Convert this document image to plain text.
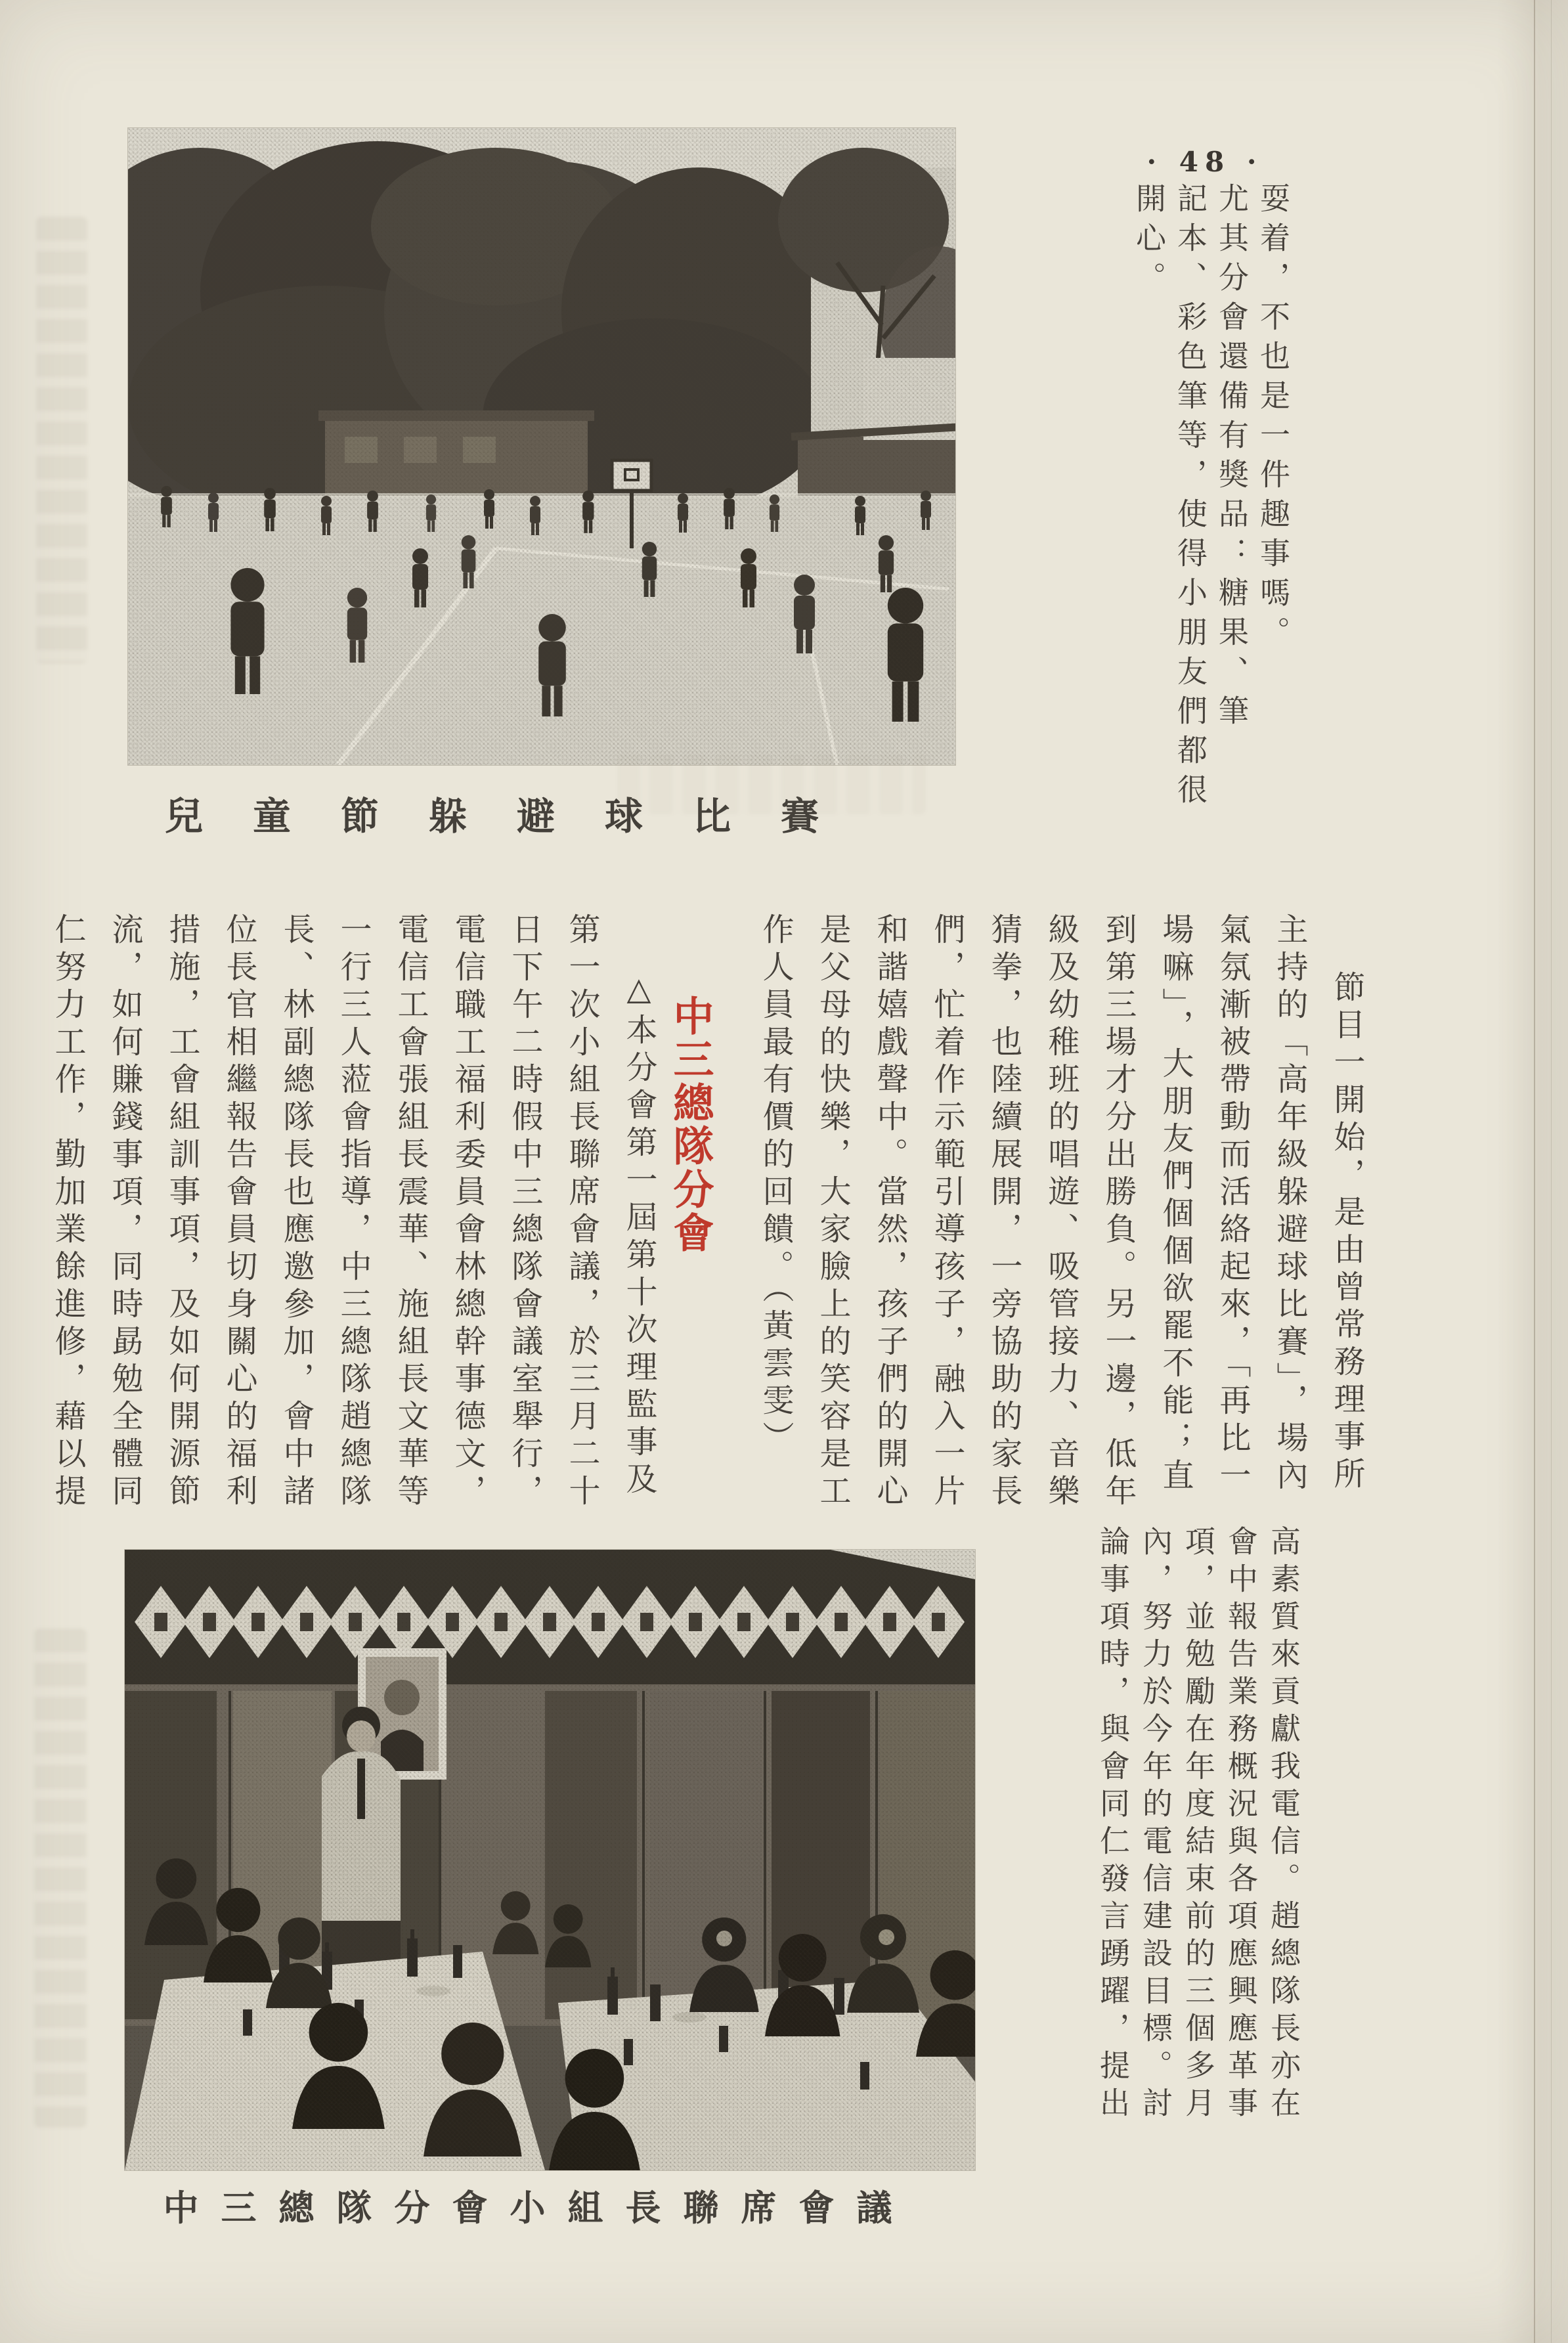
· 48 ·
耍着，不也是一件趣事嗎。
尤其分會還備有獎品：糖果、筆
記本、彩色筆等，使得小朋友們都很
開心。
兒童節躲避球比賽
節目一開始，是由曾常務理事所
主持的「高年級躲避球比賽」，場內
氣氛漸被帶動而活絡起來，「再比一
場嘛」，大朋友們個個欲罷不能；直
到第三場才分出勝負。另一邊，低年
級及幼稚班的唱遊、吸管接力、音樂
猜拳，也陸續展開，一旁協助的家長
們，忙着作示範引導孩子，融入一片
和諧嬉戲聲中。當然，孩子們的開心
是父母的快樂，大家臉上的笑容是工
作人員最有價的回饋。（黃雲雯）
中三總隊分會
△本分會第一屆第十次理監事及
第一次小組長聯席會議，於三月二十
日下午二時假中三總隊會議室舉行，
電信職工福利委員會林總幹事德文，
電信工會張組長震華、施組長文華等
一行三人蒞會指導，中三總隊趙總隊
長、林副總隊長也應邀參加，會中諸
位長官相繼報告會員切身關心的福利
措施，工會組訓事項，及如何開源節
流，如何賺錢事項，同時勗勉全體同
仁努力工作，勤加業餘進修，藉以提
中三總隊分會小組長聯席會議
高素質來貢獻我電信。趙總隊長亦在
會中報告業務概況與各項應興應革事
項，並勉勵在年度結束前的三個多月
內，努力於今年的電信建設目標。討
論事項時，與會同仁發言踴躍，提出
